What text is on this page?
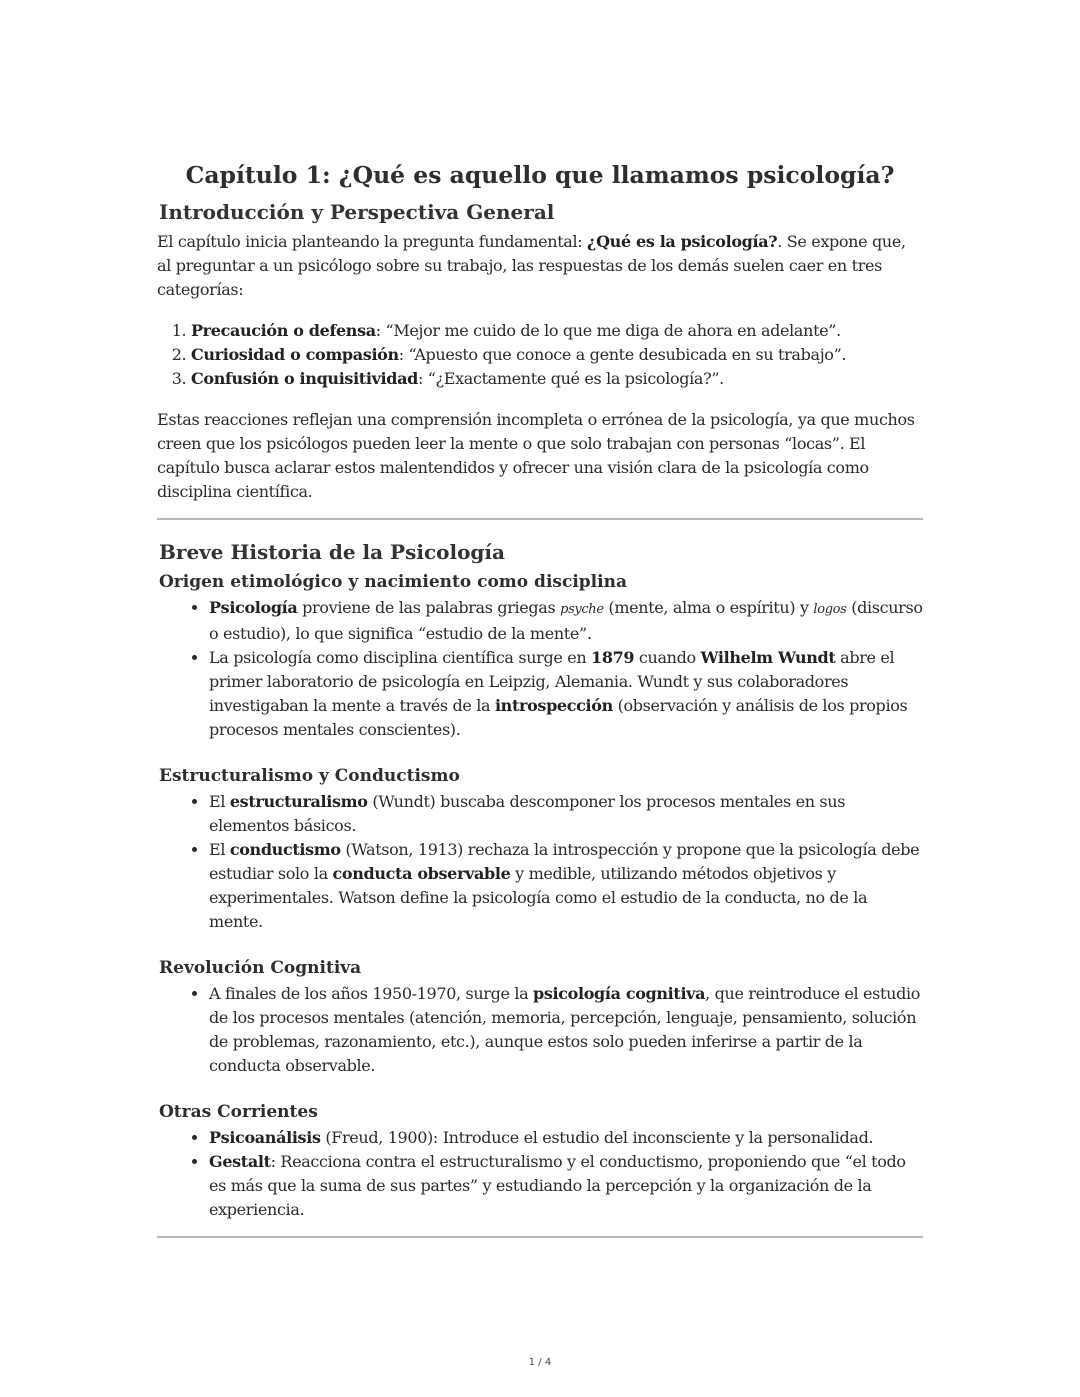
Capítulo 1: ¿Qué es aquello que llamamos psicología?
Introducción y Perspectiva General

El capítulo inicia planteando la pregunta fundamental: ¿Qué es la psicología?. Se expone que, al preguntar a un psicólogo sobre su trabajo, las respuestas de los demás suelen caer en tres categorías:

1. Precaución o defensa: “Mejor me cuido de lo que me diga de ahora en adelante”.
2. Curiosidad o compasión: “Apuesto que conoce a gente desubicada en su trabajo”.
3. Confusión o inquisitividad: “¿Exactamente qué es la psicología?”.

Estas reacciones reflejan una comprensión incompleta o errónea de la psicología, ya que muchos creen que los psicólogos pueden leer la mente o que solo trabajan con personas “locas”. El capítulo busca aclarar estos malentendidos y ofrecer una visión clara de la psicología como disciplina científica.

Breve Historia de la Psicología
Origen etimológico y nacimiento como disciplina
• Psicología proviene de las palabras griegas psyche (mente, alma o espíritu) y logos (discurso o estudio), lo que significa “estudio de la mente”.
• La psicología como disciplina científica surge en 1879 cuando Wilhelm Wundt abre el primer laboratorio de psicología en Leipzig, Alemania. Wundt y sus colaboradores investigaban la mente a través de la introspección (observación y análisis de los propios procesos mentales conscientes).
Estructuralismo y Conductismo
• El estructuralismo (Wundt) buscaba descomponer los procesos mentales en sus elementos básicos.
• El conductismo (Watson, 1913) rechaza la introspección y propone que la psicología debe estudiar solo la conducta observable y medible, utilizando métodos objetivos y experimentales. Watson define la psicología como el estudio de la conducta, no de la mente.
Revolución Cognitiva
• A finales de los años 1950-1970, surge la psicología cognitiva, que reintroduce el estudio de los procesos mentales (atención, memoria, percepción, lenguaje, pensamiento, solución de problemas, razonamiento, etc.), aunque estos solo pueden inferirse a partir de la conducta observable.
Otras Corrientes
• Psicoanálisis (Freud, 1900): Introduce el estudio del inconsciente y la personalidad.
• Gestalt: Reacciona contra el estructuralismo y el conductismo, proponiendo que “el todo es más que la suma de sus partes” y estudiando la percepción y la organización de la experiencia.
1 / 4
